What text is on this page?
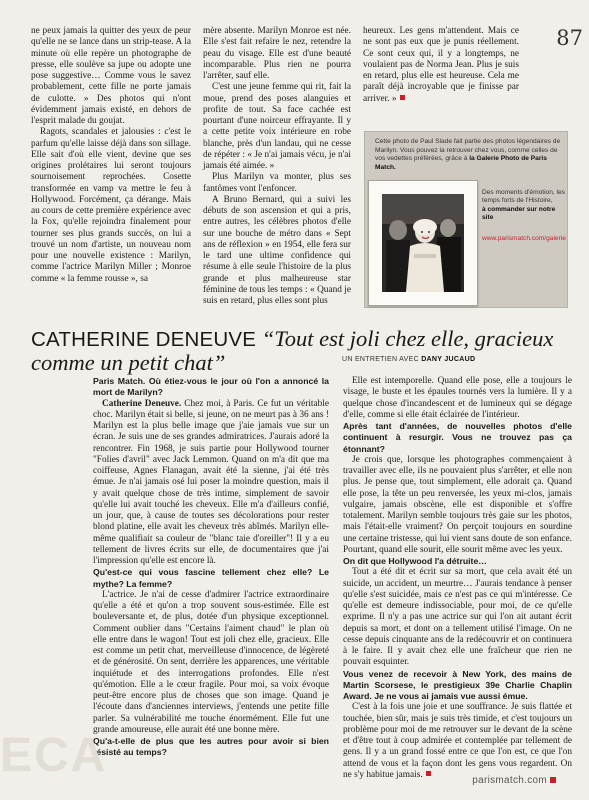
87

ne peux jamais la quitter des yeux de peur qu'elle ne se lance dans un strip-tease. A la minute où elle repère un photographe de presse, elle soulève sa jupe ou adopte une pose suggestive… Comme vous le savez probablement, cette fille ne porte jamais de culotte. » Des photos qui n'ont évidemment jamais existé, en dehors de l'esprit malade du goujat.

Ragots, scandales et jalousies : c'est le parfum qu'elle laisse déjà dans son sillage. Elle sait d'où elle vient, devine que ses origines prolétaires lui seront toujours sournoisement reprochées. Cosette transformée en vamp va mettre le feu à Hollywood. Forcément, ça dérange. Mais au cours de cette première expérience avec la Fox, qu'elle rejoindra finalement pour tourner ses plus grands succès, on lui a trouvé un nom d'artiste, un nouveau nom pour une nouvelle existence : Marilyn, comme l'actrice Marilyn Miller ; Monroe comme « la femme rousse », sa

mère absente. Marilyn Monroe est née. Elle s'est fait refaire le nez, retendre la peau du visage. Elle est d'une beauté incomparable. Plus rien ne pourra l'arrêter, sauf elle.

C'est une jeune femme qui rit, fait la moue, prend des poses alanguies et profite de tout. Sa face cachée est pourtant d'une noirceur effrayante. Il y a cette petite voix intérieure en robe blanche, près d'un landau, qui ne cesse de répéter : « Je n'ai jamais vécu, je n'ai jamais été aimée. »

Plus Marilyn va monter, plus ses fantômes vont l'enfoncer.

A Bruno Bernard, qui a suivi les débuts de son ascension et qui a pris, entre autres, les célèbres photos d'elle sur une bouche de métro dans « Sept ans de réflexion » en 1954, elle fera sur le tard une ultime confidence qui résume à elle seule l'histoire de la plus grande et plus malheureuse star féminine de tous les temps : « Quand je suis en retard, plus elles sont plus

heureux. Les gens m'attendent. Mais ce ne sont pas eux que je punis réellement. Ce sont ceux qui, il y a longtemps, ne voulaient pas de Norma Jean. Plus je suis en retard, plus elle est heureuse. Cela me paraît déjà incroyable que je finisse par arriver. »

Cette photo de Paul Slade fait partie des photos légendaires de Marilyn. Vous pouvez la retrouver chez vous, comme celles de vos vedettes préférées, grâce à la Galerie Photo de Paris Match.
Des moments d'émotion, les temps forts de l'Histoire,
à commander sur notre site
www.parismatch.com/galerie
CATHERINE DENEUVE “Tout est joli chez elle, gracieux comme un petit chat”	UN ENTRETIEN AVEC DANY JUCAUD

Paris Match. Où étiez-vous le jour où l'on a annoncé la mort de Marilyn?

Catherine Deneuve. Chez moi, à Paris. Ce fut un véritable choc. Marilyn était si belle, si jeune, on ne meurt pas à 36 ans ! Marilyn est la plus belle image que j'aie jamais vue sur un écran. Je suis une de ses grandes admiratrices. J'aurais adoré la rencontrer. Fin 1968, je suis partie pour Hollywood tourner "Folies d'avril" avec Jack Lemmon. Quand on m'a dit que ma coiffeuse, Agnes Flanagan, avait été la sienne, j'ai été très émue. Je n'ai jamais osé lui poser la moindre question, mais il y avait quelque chose de très intime, simplement de savoir qu'elle lui avait touché les cheveux. Elle m'a d'ailleurs confié, un jour, que, à cause de toutes ses décolorations pour rester blond platine, elle avait les cheveux très abîmés. Marilyn elle-même qualifiait sa couleur de "blanc taie d'oreiller"! Il y a eu tellement de livres écrits sur elle, de documentaires que j'ai l'impression qu'elle est encore là.

Qu'est-ce qui vous fascine tellement chez elle? Le mythe? La femme?

L'actrice. Je n'ai de cesse d'admirer l'actrice extraordinaire qu'elle a été et qu'on a trop souvent sous-estimée. Elle est bouleversante et, de plus, dotée d'un physique exceptionnel. Comment oublier dans "Certains l'aiment chaud" le plan où elle entre dans le wagon! Tout est joli chez elle, gracieux. Elle est comme un petit chat, merveilleuse d'innocence, de légèreté et de générosité. On sent, derrière les apparences, une véritable inquiétude et des interrogations profondes. Elle n'est qu'émotion. Elle a le cœur fragile. Pour moi, sa voix évoque peut-être encore plus de choses que son image. Quand je l'écoute dans d'anciennes interviews, j'entends une petite fille parler. Sa vulnérabilité me touche énormément. Elle fut une grande amoureuse, elle aurait été une bonne mère.

Qu'a-t-elle de plus que les autres pour avoir si bien résisté au temps?

Elle est intemporelle. Quand elle pose, elle a toujours le visage, le buste et les épaules tournés vers la lumière. Il y a quelque chose d'incandescent et de lumineux qui se dégage d'elle, comme si elle était éclairée de l'intérieur.

Après tant d'années, de nouvelles photos d'elle continuent à resurgir. Vous ne trouvez pas ça étonnant?

Je crois que, lorsque les photographes commençaient à travailler avec elle, ils ne pouvaient plus s'arrêter, et elle non plus. Je pense que, tout simplement, elle adorait ça. Quand elle pose, la tête un peu renversée, les yeux mi-clos, jamais vulgaire, jamais obscène, elle est disponible et s'offre totalement. Marilyn semble toujours très gaie sur les photos, mais l'était-elle vraiment? On perçoit toujours en sourdine une certaine tristesse, qui lui vient sans doute de son enfance. Pourtant, quand elle sourit, elle sourit même avec les yeux.

On dit que Hollywood l'a détruite…

Tout a été dit et écrit sur sa mort, que cela avait été un suicide, un accident, un meurtre… J'aurais tendance à penser qu'elle s'est suicidée, mais ce n'est pas ce qui m'intéresse. Ce qu'elle est demeure indissociable, pour moi, de ce qu'elle exprime. Il n'y a pas une actrice sur qui l'on ait autant écrit depuis sa mort, et dont on a tellement utilisé l'image. On ne cesse depuis cinquante ans de la redécouvrir et on continuera à le faire. Il y avait chez elle une fraîcheur que rien ne pouvait esquinter.

Vous venez de recevoir à New York, des mains de Martin Scorsese, le prestigieux 39e Charlie Chaplin Award. Je ne vous ai jamais vue aussi émue.

C'est à la fois une joie et une souffrance. Je suis flattée et touchée, bien sûr, mais je suis très timide, et c'est toujours un problème pour moi de me retrouver sur le devant de la scène et d'être tout à coup admirée et contemplée par tellement de gens. Il y a un grand fossé entre ce que l'on est, ce que l'on attend de vous et la façon dont les gens vous regardent. On ne s'y habitue jamais.

ECA	parismatch.com
